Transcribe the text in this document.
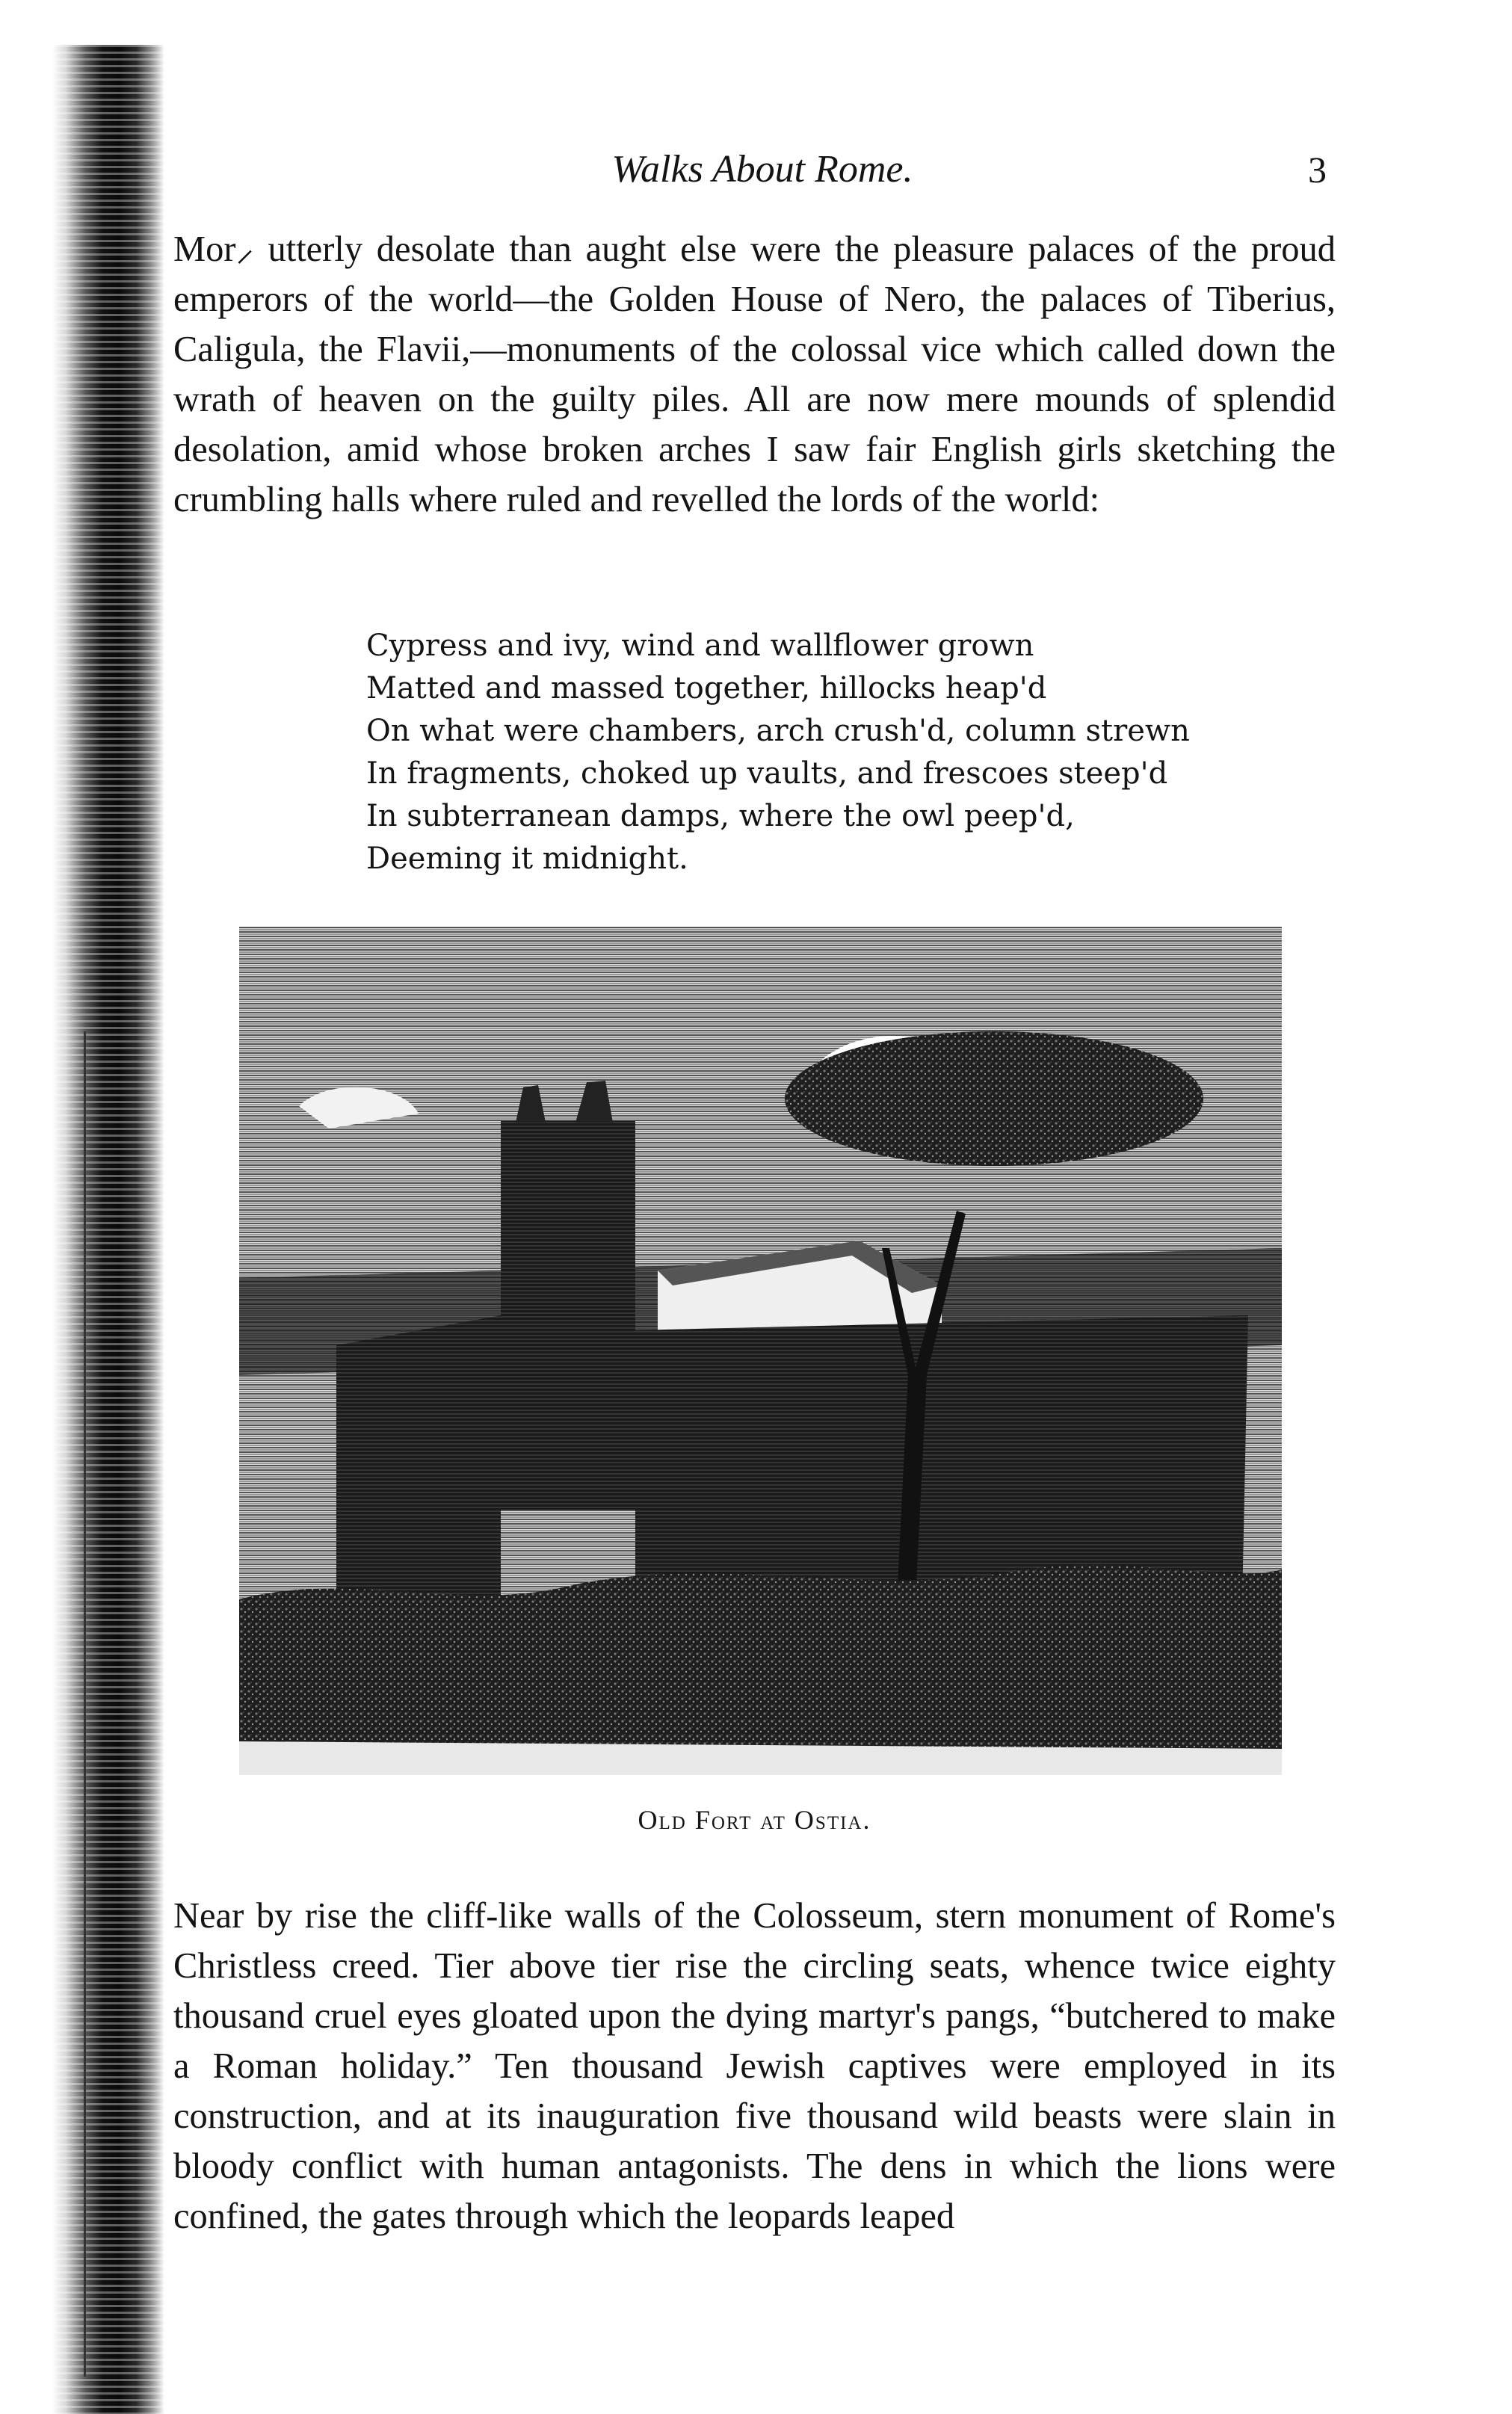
Walks About Rome.	3

Mor⸝ utterly desolate than aught else were the pleasure palaces of the proud emperors of the world—the Golden House of Nero, the palaces of Tiberius, Caligula, the Flavii,—monuments of the colossal vice which called down the wrath of heaven on the guilty piles. All are now mere mounds of splendid desolation, amid whose broken arches I saw fair English girls sketching the crumbling halls where ruled and revelled the lords of the world:

Cypress and ivy, wind and wallflower grown
Matted and massed together, hillocks heap'd
On what were chambers, arch crush'd, column strewn
In fragments, choked up vaults, and frescoes steep'd
In subterranean damps, where the owl peep'd,
Deeming it midnight.
Old Fort at Ostia.

Near by rise the cliff-like walls of the Colosseum, stern monument of Rome's Christless creed. Tier above tier rise the circling seats, whence twice eighty thousand cruel eyes gloated upon the dying martyr's pangs, “butchered to make a Roman holiday.” Ten thousand Jewish captives were employed in its construction, and at its inauguration five thousand wild beasts were slain in bloody conflict with human antagonists. The dens in which the lions were confined, the gates through which the leopards leaped
